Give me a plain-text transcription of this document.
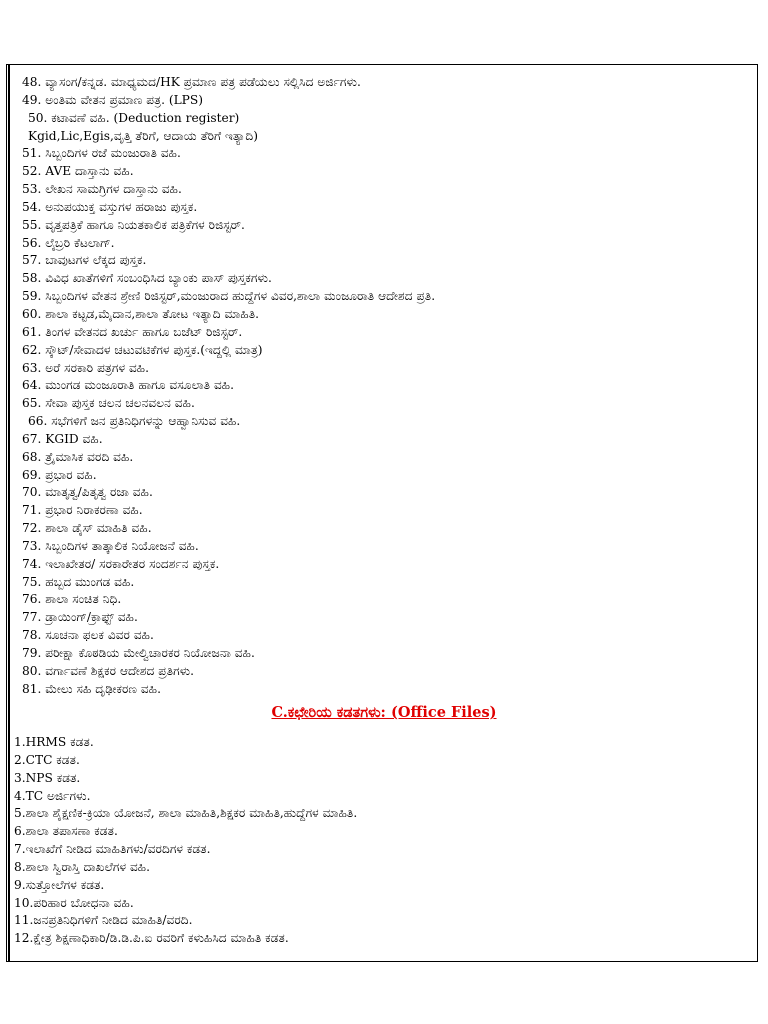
48. ವ್ಯಾಸಂಗ/ಕನ್ನಡ. ಮಾಧ್ಯಮದ/HK ಪ್ರಮಾಣ ಪತ್ರ ಪಡೆಯಲು ಸಲ್ಲಿಸಿದ ಅರ್ಜಿಗಳು.
49. ಅಂತಿಮ ವೇತನ ಪ್ರಮಾಣ ಪತ್ರ. (LPS)
50. ಕಟಾವಣೆ ವಹಿ. (Deduction register)
Kgid,Lic,Egis,ವೃತ್ತಿ ತೆರಿಗೆ, ಆದಾಯ ತೆರಿಗೆ ಇತ್ಯಾದಿ)
51. ಸಿಬ್ಬಂದಿಗಳ ರಜೆ ಮಂಜುರಾತಿ ವಹಿ.
52. AVE ದಾಸ್ತಾನು ವಹಿ.
53. ಲೇಖನ ಸಾಮಗ್ರಿಗಳ ದಾಸ್ತಾನು ವಹಿ.
54. ಅನುಪಯುಕ್ತ ವಸ್ತುಗಳ ಹರಾಜು ಪುಸ್ತಕ.
55. ವೃತ್ತಪತ್ರಿಕೆ ಹಾಗೂ ನಿಯತಕಾಲಿಕ ಪತ್ರಿಕೆಗಳ ರಿಜಿಸ್ಟರ್.
56. ಲೈಬ್ರರಿ ಕೆಟಲಾಗ್.
57. ಬಾವುಟಗಳ ಲೆಕ್ಕದ ಪುಸ್ತಕ.
58. ವಿವಿಧ ಖಾತೆಗಳಿಗೆ ಸಂಬಂಧಿಸಿದ ಬ್ಯಾಂಕು ಪಾಸ್ ಪುಸ್ತಕಗಳು.
59. ಸಿಬ್ಬಂದಿಗಳ ವೇತನ ಶ್ರೇಣಿ ರಿಜಿಸ್ಟರ್,ಮಂಜುರಾದ ಹುದ್ದೆಗಳ ವಿವರ,ಶಾಲಾ ಮಂಜೂರಾತಿ ಆದೇಶದ ಪ್ರತಿ.
60. ಶಾಲಾ ಕಟ್ಟಡ,ಮೈದಾನ,ಶಾಲಾ ತೋಟ ಇತ್ಯಾದಿ ಮಾಹಿತಿ.
61. ತಿಂಗಳ ವೇತನದ ಖರ್ಚು ಹಾಗೂ ಬಜೆಟ್ ರಿಜಿಸ್ಟರ್.
62. ಸ್ಕೌಟ್/ಸೇವಾದಳ ಚಟುವಟಿಕೆಗಳ ಪುಸ್ತಕ.(ಇದ್ದಲ್ಲಿ ಮಾತ್ರ)
63. ಅರೆ ಸರಕಾರಿ ಪತ್ರಗಳ ವಹಿ.
64. ಮುಂಗಡ ಮಂಜೂರಾತಿ ಹಾಗೂ ವಸೂಲಾತಿ ವಹಿ.
65. ಸೇವಾ ಪುಸ್ತಕ ಚಲನ ಚಲನವಲನ ವಹಿ.
66. ಸಭೆಗಳಿಗೆ ಜನ ಪ್ರತಿನಿಧಿಗಳನ್ನು ಆಹ್ವಾನಿಸುವ ವಹಿ.
67. KGID ವಹಿ.
68. ತ್ರೈಮಾಸಿಕ ವರದಿ ವಹಿ.
69. ಪ್ರಭಾರ ವಹಿ.
70. ಮಾತೃತ್ವ/ಪಿತೃತ್ವ ರಜಾ ವಹಿ.
71. ಪ್ರಭಾರ ನಿರಾಕರಣಾ ವಹಿ.
72. ಶಾಲಾ ಡೈಸ್ ಮಾಹಿತಿ ವಹಿ.
73. ಸಿಬ್ಬಂದಿಗಳ ತಾತ್ಕಾಲಿಕ ನಿಯೋಜನೆ ವಹಿ.
74. ಇಲಾಖೇತರ/ ಸರಕಾರೇತರ ಸಂದರ್ಶನ ಪುಸ್ತಕ.
75. ಹಬ್ಬದ ಮುಂಗಡ ವಹಿ.
76. ಶಾಲಾ ಸಂಚಿತ ನಿಧಿ.
77. ಡ್ರಾಯಿಂಗ್/ಕ್ರಾಫ್ಟ್ ವಹಿ.
78. ಸೂಚನಾ ಫಲಕ ವಿವರ ವಹಿ.
79. ಪರೀಕ್ಷಾ ಕೊಠಡಿಯ ಮೇಲ್ವಿಚಾರಕರ ನಿಯೋಜನಾ ವಹಿ.
80. ವರ್ಗಾವಣೆ ಶಿಕ್ಷಕರ ಆದೇಶದ ಪ್ರತಿಗಳು.
81. ಮೇಲು ಸಹಿ ದೃಢೀಕರಣ ವಹಿ.
C.ಕಛೇರಿಯ ಕಡತಗಳು: (Office Files)
1.HRMS ಕಡತ.
2.CTC ಕಡತ.
3.NPS ಕಡತ.
4.TC ಅರ್ಜಿಗಳು.
5.ಶಾಲಾ ಶೈಕ್ಷಣಿಕ-ಕ್ರಿಯಾ ಯೋಜನೆ, ಶಾಲಾ ಮಾಹಿತಿ,ಶಿಕ್ಷಕರ ಮಾಹಿತಿ,ಹುದ್ದೆಗಳ ಮಾಹಿತಿ.
6.ಶಾಲಾ ತಪಾಸಣಾ ಕಡತ.
7.ಇಲಾಖೆಗೆ ನೀಡಿದ ಮಾಹಿತಿಗಳು/ವರದಿಗಳ ಕಡತ.
8.ಶಾಲಾ ಸ್ವಿರಾಸ್ತಿ ದಾಖಲೆಗಳ ವಹಿ.
9.ಸುತ್ತೋಲೆಗಳ ಕಡತ.
10.ಪರಿಹಾರ ಬೋಧನಾ ವಹಿ.
11.ಜನಪ್ರತಿನಿಧಿಗಳಿಗೆ ನೀಡಿದ ಮಾಹಿತಿ/ವರದಿ.
12.ಕ್ಷೇತ್ರ ಶಿಕ್ಷಣಾಧಿಕಾರಿ/ಡಿ.ಡಿ.ಪಿ.ಐ ರವರಿಗೆ ಕಳುಹಿಸಿದ ಮಾಹಿತಿ ಕಡತ.
